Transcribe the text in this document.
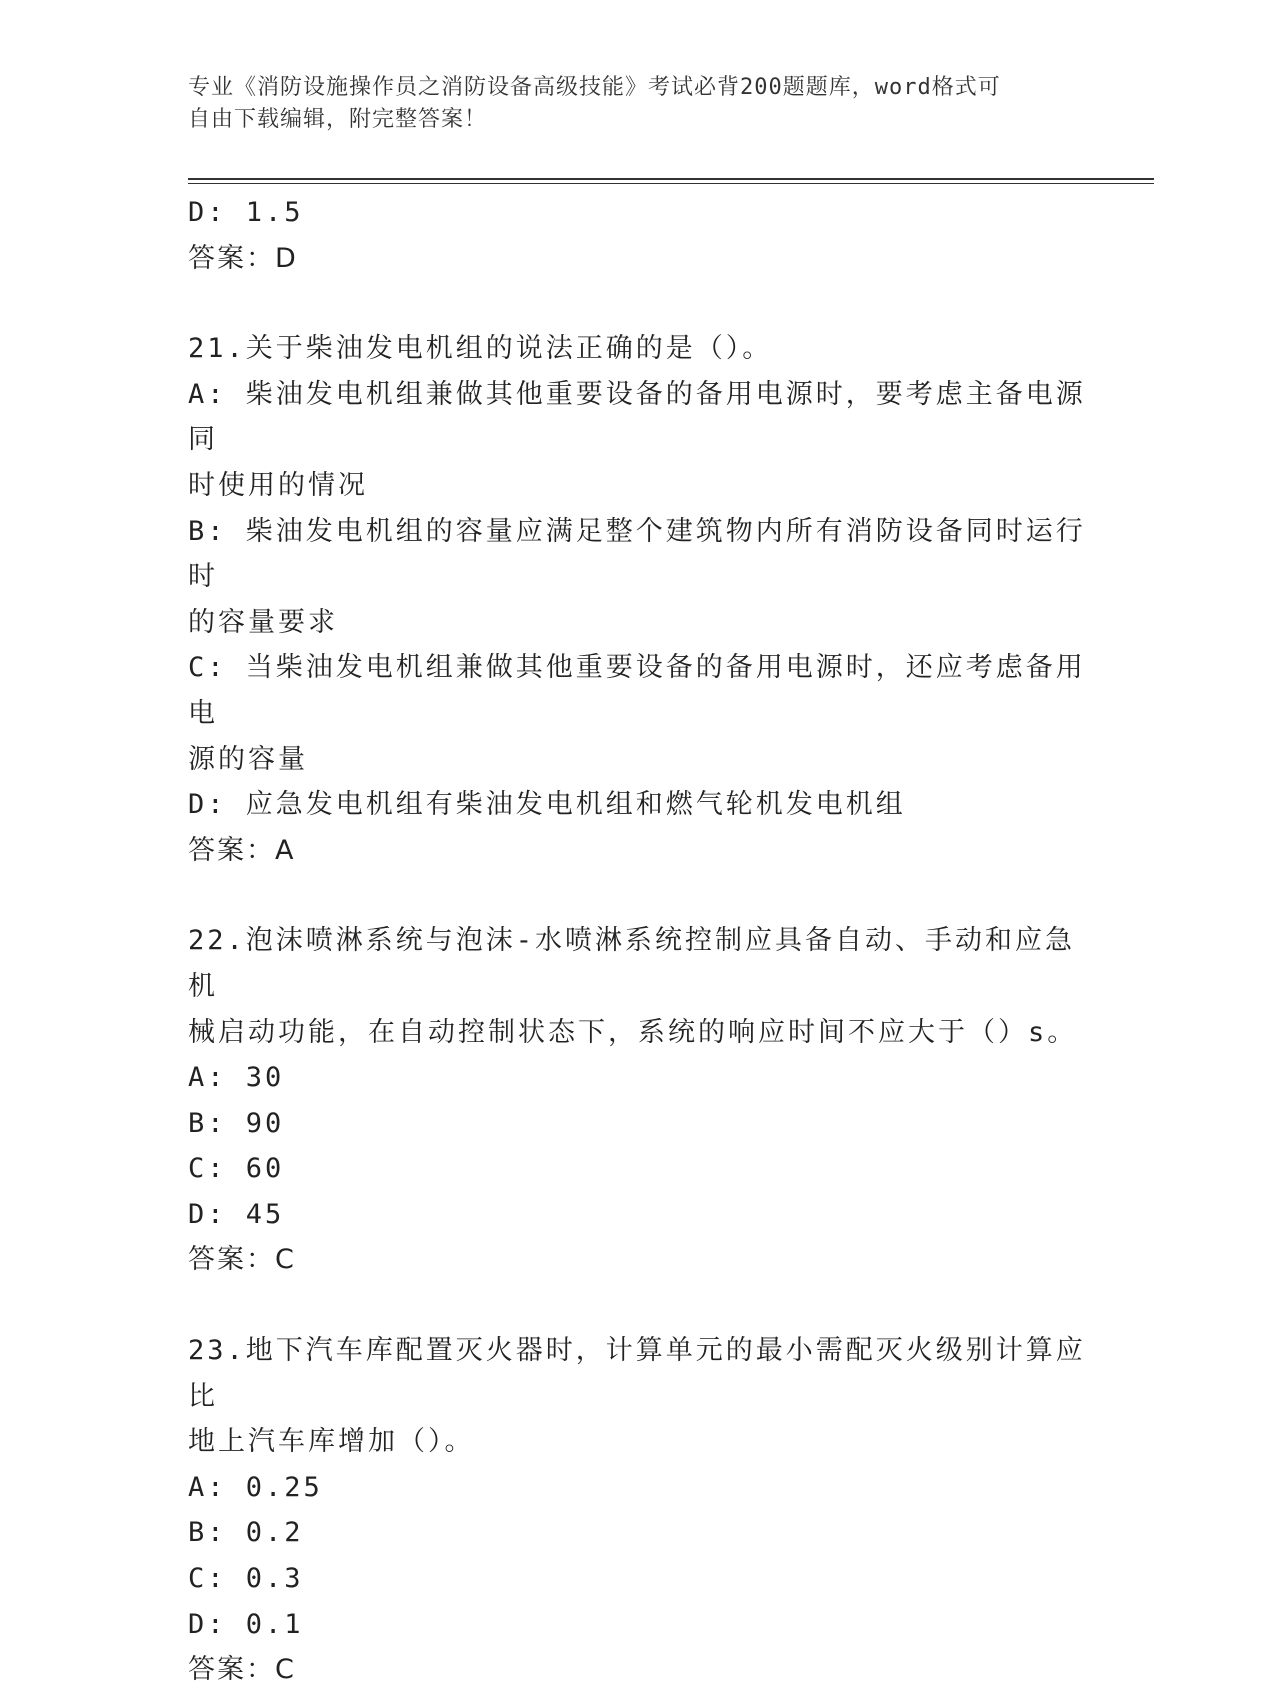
专业《消防设施操作员之消防设备高级技能》考试必背200题题库，word格式可
自由下载编辑，附完整答案！
D: 1.5
答案：D
21.关于柴油发电机组的说法正确的是（）。
A: 柴油发电机组兼做其他重要设备的备用电源时，要考虑主备电源同
时使用的情况
B: 柴油发电机组的容量应满足整个建筑物内所有消防设备同时运行时
的容量要求
C: 当柴油发电机组兼做其他重要设备的备用电源时，还应考虑备用电
源的容量
D: 应急发电机组有柴油发电机组和燃气轮机发电机组
答案：A
22.泡沫喷淋系统与泡沫-水喷淋系统控制应具备自动、手动和应急机
械启动功能，在自动控制状态下，系统的响应时间不应大于（）s。
A: 30
B: 90
C: 60
D: 45
答案：C
23.地下汽车库配置灭火器时，计算单元的最小需配灭火级别计算应比
地上汽车库增加（）。
A: 0.25
B: 0.2
C: 0.3
D: 0.1
答案：C
